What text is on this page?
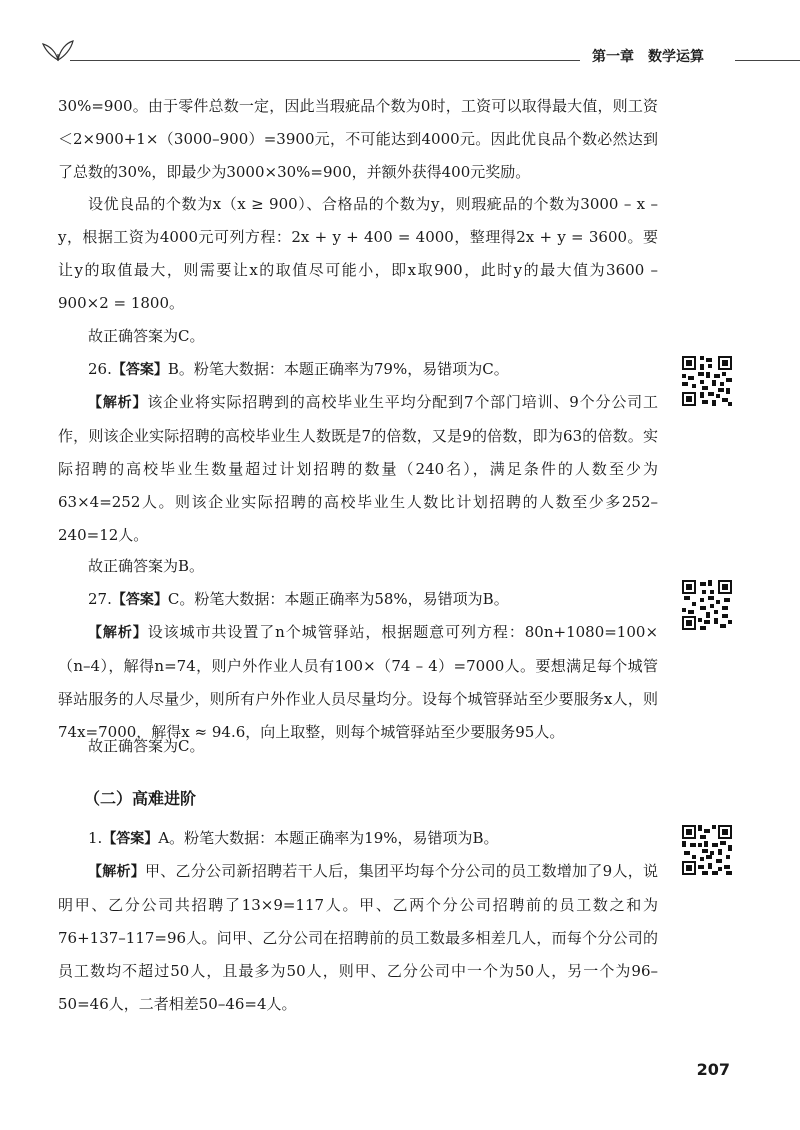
第一章 数学运算

30%=900。由于零件总数一定，因此当瑕疵品个数为0时，工资可以取得最大值，则工资＜2×900+1×（3000–900）=3900元，不可能达到4000元。因此优良品个数必然达到了总数的30%，即最少为3000×30%=900，并额外获得400元奖励。

设优良品的个数为x（x ≥ 900）、合格品的个数为y，则瑕疵品的个数为3000 – x – y，根据工资为4000元可列方程：2x + y + 400 = 4000，整理得2x + y = 3600。要让y的取值最大，则需要让x的取值尽可能小，即x取900，此时y的最大值为3600 – 900×2 = 1800。

故正确答案为C。

26.【答案】B。粉笔大数据：本题正确率为79%，易错项为C。

【解析】该企业将实际招聘到的高校毕业生平均分配到7个部门培训、9个分公司工作，则该企业实际招聘的高校毕业生人数既是7的倍数，又是9的倍数，即为63的倍数。实际招聘的高校毕业生数量超过计划招聘的数量（240名），满足条件的人数至少为63×4=252人。则该企业实际招聘的高校毕业生人数比计划招聘的人数至少多252–240=12人。

故正确答案为B。

27.【答案】C。粉笔大数据：本题正确率为58%，易错项为B。

【解析】设该城市共设置了n个城管驿站，根据题意可列方程：80n+1080=100×（n–4），解得n=74，则户外作业人员有100×（74 – 4）=7000人。要想满足每个城管驿站服务的人尽量少，则所有户外作业人员尽量均分。设每个城管驿站至少要服务x人，则74x=7000，解得x ≈ 94.6，向上取整，则每个城管驿站至少要服务95人。

故正确答案为C。

（二）高难进阶

1.【答案】A。粉笔大数据：本题正确率为19%，易错项为B。

【解析】甲、乙分公司新招聘若干人后，集团平均每个分公司的员工数增加了9人，说明甲、乙分公司共招聘了13×9=117人。甲、乙两个分公司招聘前的员工数之和为76+137–117=96人。问甲、乙分公司在招聘前的员工数最多相差几人，而每个分公司的员工数均不超过50人，且最多为50人，则甲、乙分公司中一个为50人，另一个为96–50=46人，二者相差50–46=4人。

207
